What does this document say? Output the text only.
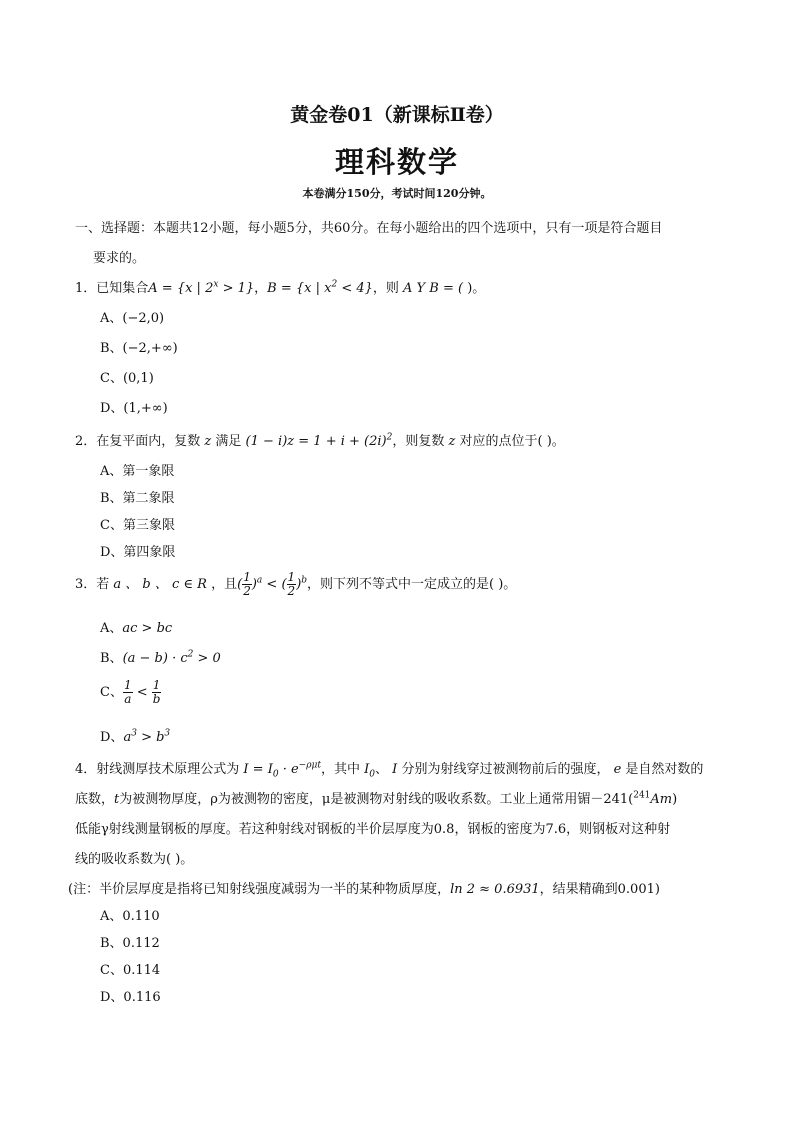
黄金卷01（新课标Ⅱ卷）
理科数学
本卷满分150分，考试时间120分钟。
一、选择题：本题共12小题，每小题5分，共60分。在每小题给出的四个选项中，只有一项是符合题目
要求的。
1．已知集合A = {x | $2^x > 1$}，B = {x | $x^2 < 4$}，则 A Y B = ( )。
A、(−2,0)
B、(−2,+∞)
C、(0,1)
D、(1,+∞)
2．在复平面内，复数 z 满足 $(1 - i)z = 1 + i + (2i)^2$，则复数 z 对应的点位于( )。
A、第一象限
B、第二象限
C、第三象限
D、第四象限
3．若 a 、 b 、 c ∈ R ，且( $\frac{1}{2} )^a$ < ( $\frac{1}{2} )^b$，则下列不等式中一定成立的是( )。
A、ac > bc
B、$(a - b) \cdot c^2 > 0$
C、 $\frac{1}{a} < \frac{1}{b}$
D、$a^3 > b^3$
4．射线测厚技术原理公式为 $I = I_0 \cdot e^{-\rho\mu t}$，其中 $I_0$、 I 分别为射线穿过被测物前后的强度， e 是自然对数的
底数，t为被测物厚度，ρ为被测物的密度，μ是被测物对射线的吸收系数。工业上通常用镅－241($^{241}$Am)
低能γ射线测量钢板的厚度。若这种射线对钢板的半价层厚度为0.8，钢板的密度为7.6，则钢板对这种射
线的吸收系数为( )。
(注：半价层厚度是指将已知射线强度减弱为一半的某种物质厚度，ln 2 ≈ 0.6931，结果精确到0.001)
A、0.110
B、0.112
C、0.114
D、0.116
